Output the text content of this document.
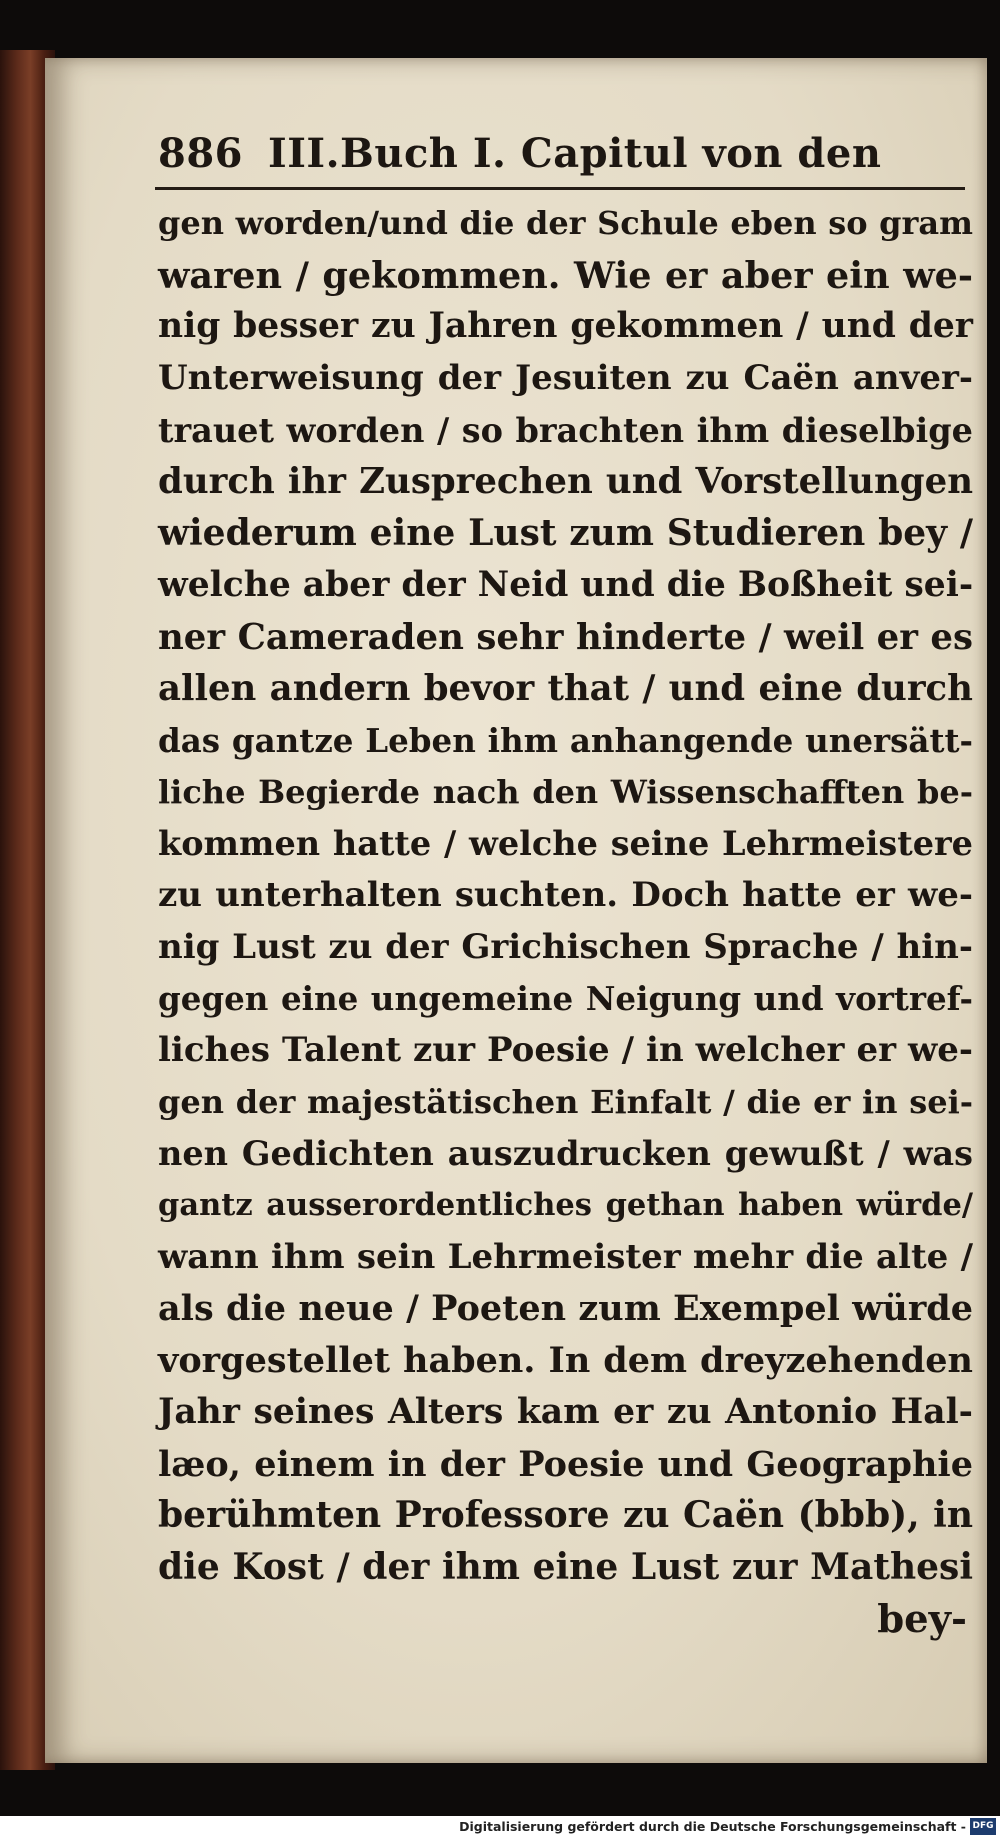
886 III.Buch I. Capitul von den
gen worden/und die der Schule eben so gram
waren / gekommen. Wie er aber ein we-
nig besser zu Jahren gekommen / und der
Unterweisung der Jesuiten zu Caën anver-
trauet worden / so brachten ihm dieselbige
durch ihr Zusprechen und Vorstellungen
wiederum eine Lust zum Studieren bey /
welche aber der Neid und die Boßheit sei-
ner Cameraden sehr hinderte / weil er es
allen andern bevor that / und eine durch
das gantze Leben ihm anhangende unersätt-
liche Begierde nach den Wissenschafften be-
kommen hatte / welche seine Lehrmeistere
zu unterhalten suchten. Doch hatte er we-
nig Lust zu der Grichischen Sprache / hin-
gegen eine ungemeine Neigung und vortref-
liches Talent zur Poesie / in welcher er we-
gen der majestätischen Einfalt / die er in sei-
nen Gedichten auszudrucken gewußt / was
gantz ausserordentliches gethan haben würde/
wann ihm sein Lehrmeister mehr die alte /
als die neue / Poeten zum Exempel würde
vorgestellet haben. In dem dreyzehenden
Jahr seines Alters kam er zu Antonio Hal-
læo, einem in der Poesie und Geographie
berühmten Professore zu Caën (bbb), in
die Kost / der ihm eine Lust zur Mathesi
bey-
Digitalisierung gefördert durch die Deutsche Forschungsgemeinschaft - DFG
